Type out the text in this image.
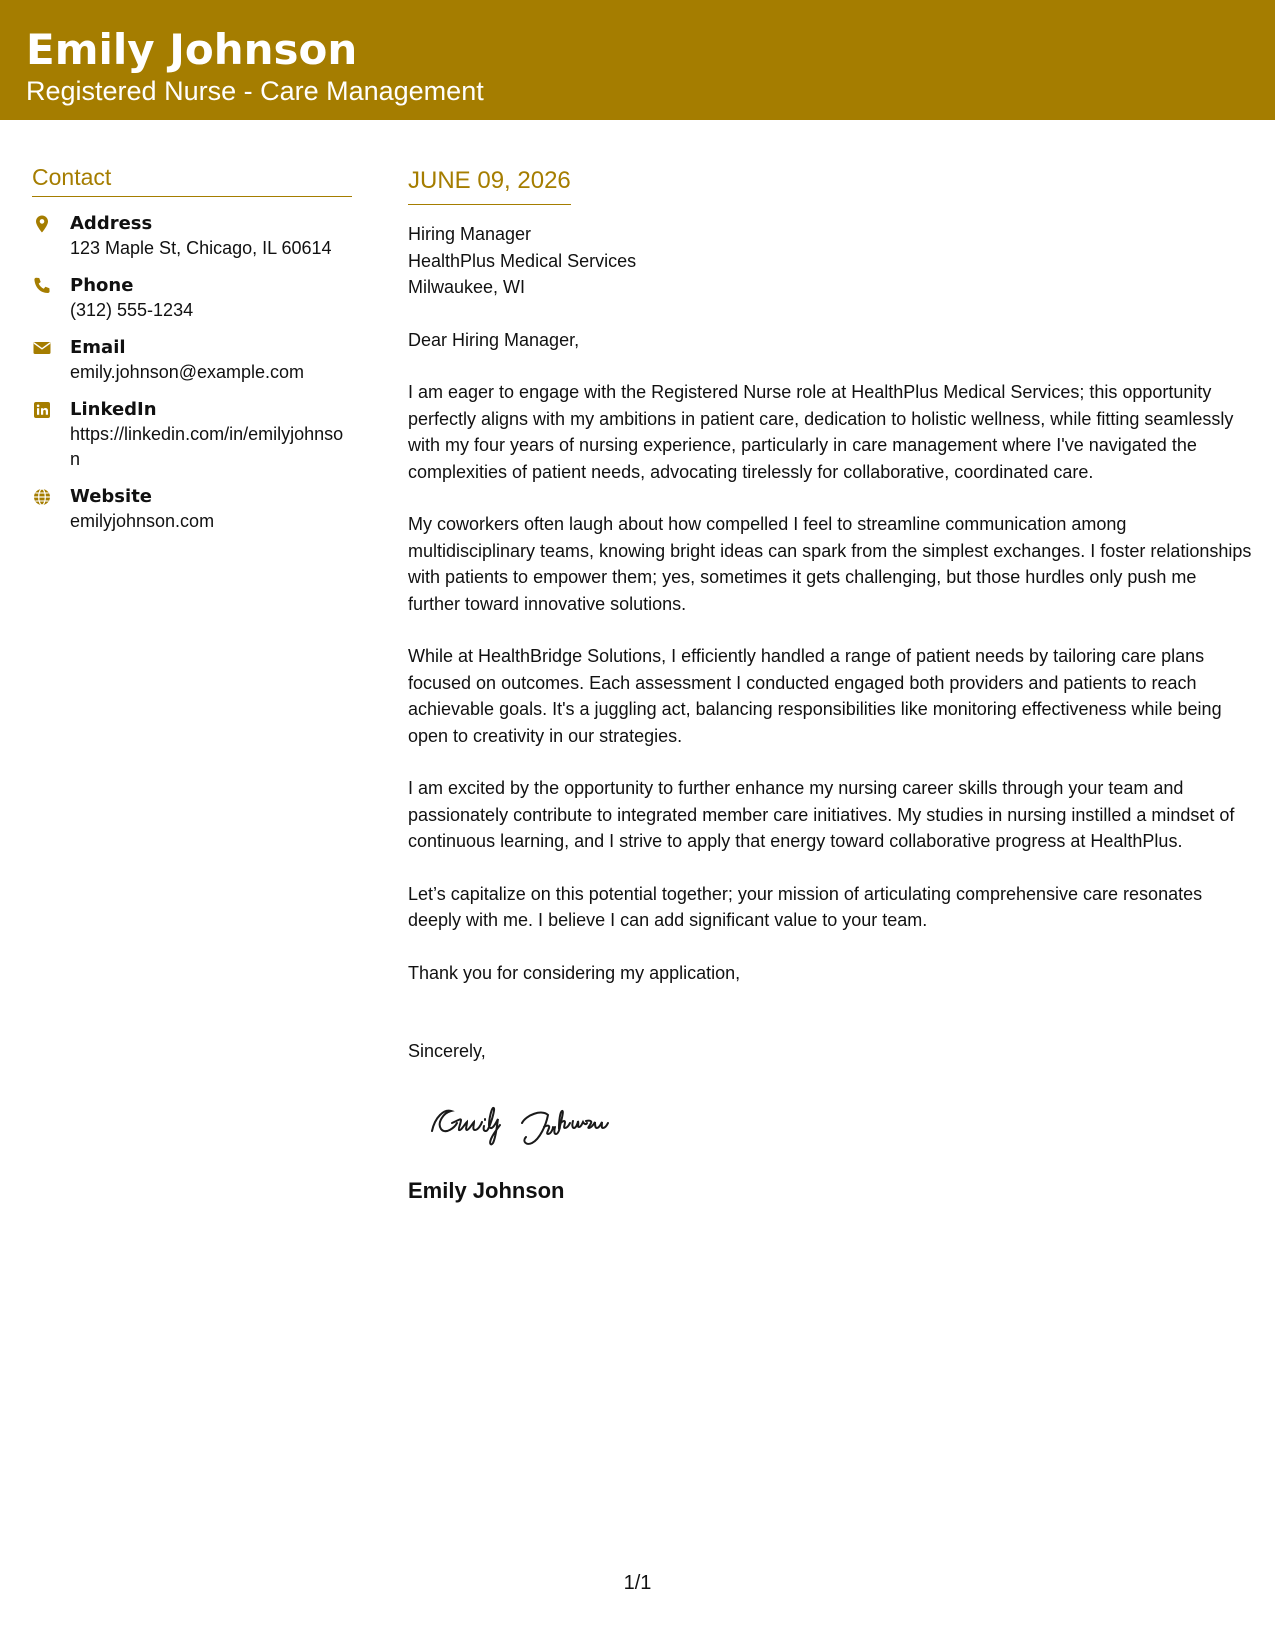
Emily Johnson
Registered Nurse - Care Management
Contact
Address
123 Maple St, Chicago, IL 60614
Phone
(312) 555-1234
Email
emily.johnson@example.com
LinkedIn
https://linkedin.com/in/emilyjohnson
Website
emilyjohnson.com
JUNE 09, 2026
Hiring Manager
HealthPlus Medical Services
Milwaukee, WI

Dear Hiring Manager,

I am eager to engage with the Registered Nurse role at HealthPlus Medical Services; this opportunity perfectly aligns with my ambitions in patient care, dedication to holistic wellness, while fitting seamlessly with my four years of nursing experience, particularly in care management where I've navigated the complexities of patient needs, advocating tirelessly for collaborative, coordinated care.

My coworkers often laugh about how compelled I feel to streamline communication among multidisciplinary teams, knowing bright ideas can spark from the simplest exchanges. I foster relationships with patients to empower them; yes, sometimes it gets challenging, but those hurdles only push me further toward innovative solutions.

While at HealthBridge Solutions, I efficiently handled a range of patient needs by tailoring care plans focused on outcomes. Each assessment I conducted engaged both providers and patients to reach achievable goals. It's a juggling act, balancing responsibilities like monitoring effectiveness while being open to creativity in our strategies.

I am excited by the opportunity to further enhance my nursing career skills through your team and passionately contribute to integrated member care initiatives. My studies in nursing instilled a mindset of continuous learning, and I strive to apply that energy toward collaborative progress at HealthPlus.

Let’s capitalize on this potential together; your mission of articulating comprehensive care resonates deeply with me. I believe I can add significant value to your team.

Thank you for considering my application,

Sincerely,
Emily Johnson
1/1
